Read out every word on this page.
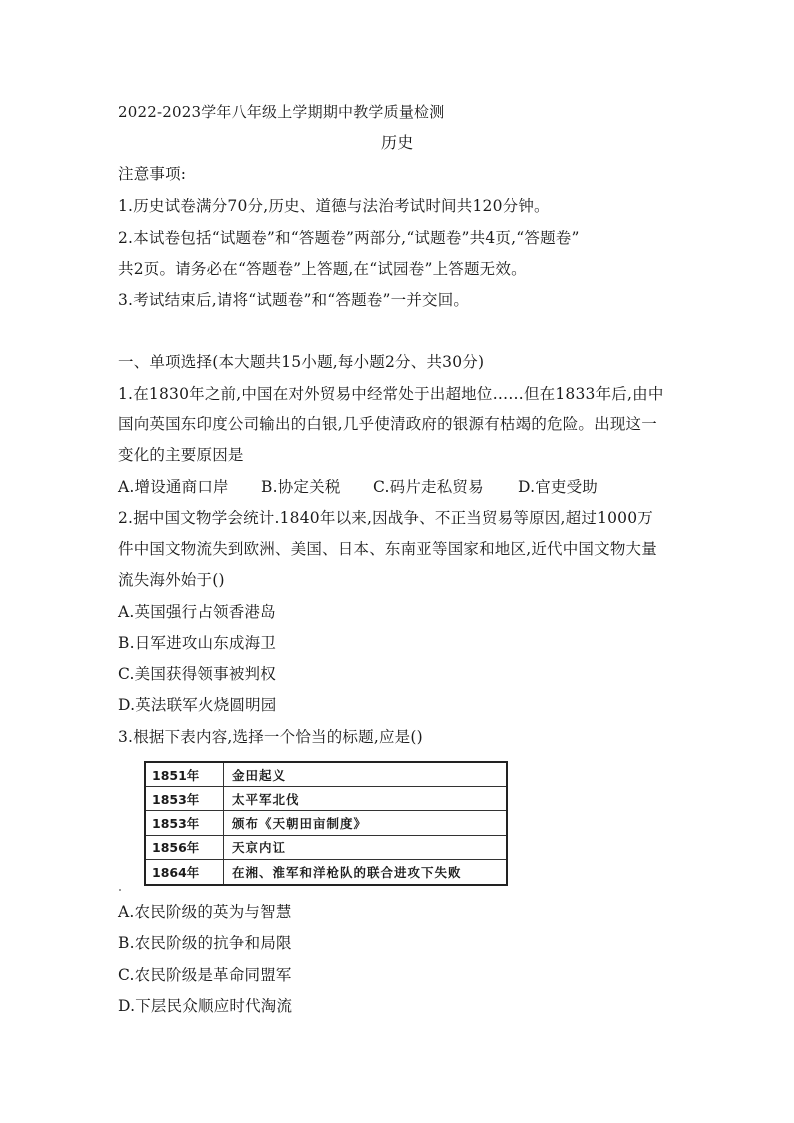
2022-2023学年八年级上学期期中教学质量检测
历史
注意事项:
1.历史试卷满分70分,历史、道德与法治考试时间共120分钟。
2.本试卷包括“试题卷”和“答题卷”两部分,“试题卷”共4页,“答题卷”
共2页。请务必在“答题卷”上答题,在“试园卷”上答题无效。
3.考试结束后,请将“试题卷”和“答题卷”一并交回。
一、单项选择(本大题共15小题,每小题2分、共30分)
1.在1830年之前,中国在对外贸易中经常处于出超地位……但在1833年后,由中
国向英国东印度公司输出的白银,几乎使清政府的银源有枯竭的危险。出现这一
变化的主要原因是
A.增设通商口岸	B.协定关税	C.码片走私贸易	D.官吏受助
2.据中国文物学会统计.1840年以来,因战争、不正当贸易等原因,超过1000万
件中国文物流失到欧洲、美国、日本、东南亚等国家和地区,近代中国文物大量
流失海外始于()
A.英国强行占领香港岛
B.日军进攻山东成海卫
C.美国获得领事被判权
D.英法联军火烧圆明园
3.根据下表内容,选择一个恰当的标题,应是()
1851年	金田起义
1853年	太平军北伐
1853年	颁布《天朝田亩制度》
1856年	天京内讧
1864年	在湘、淮军和洋枪队的联合进攻下失败
A.农民阶级的英为与智慧
B.农民阶级的抗争和局限
C.农民阶级是革命同盟军
D.下层民众顺应时代淘流
